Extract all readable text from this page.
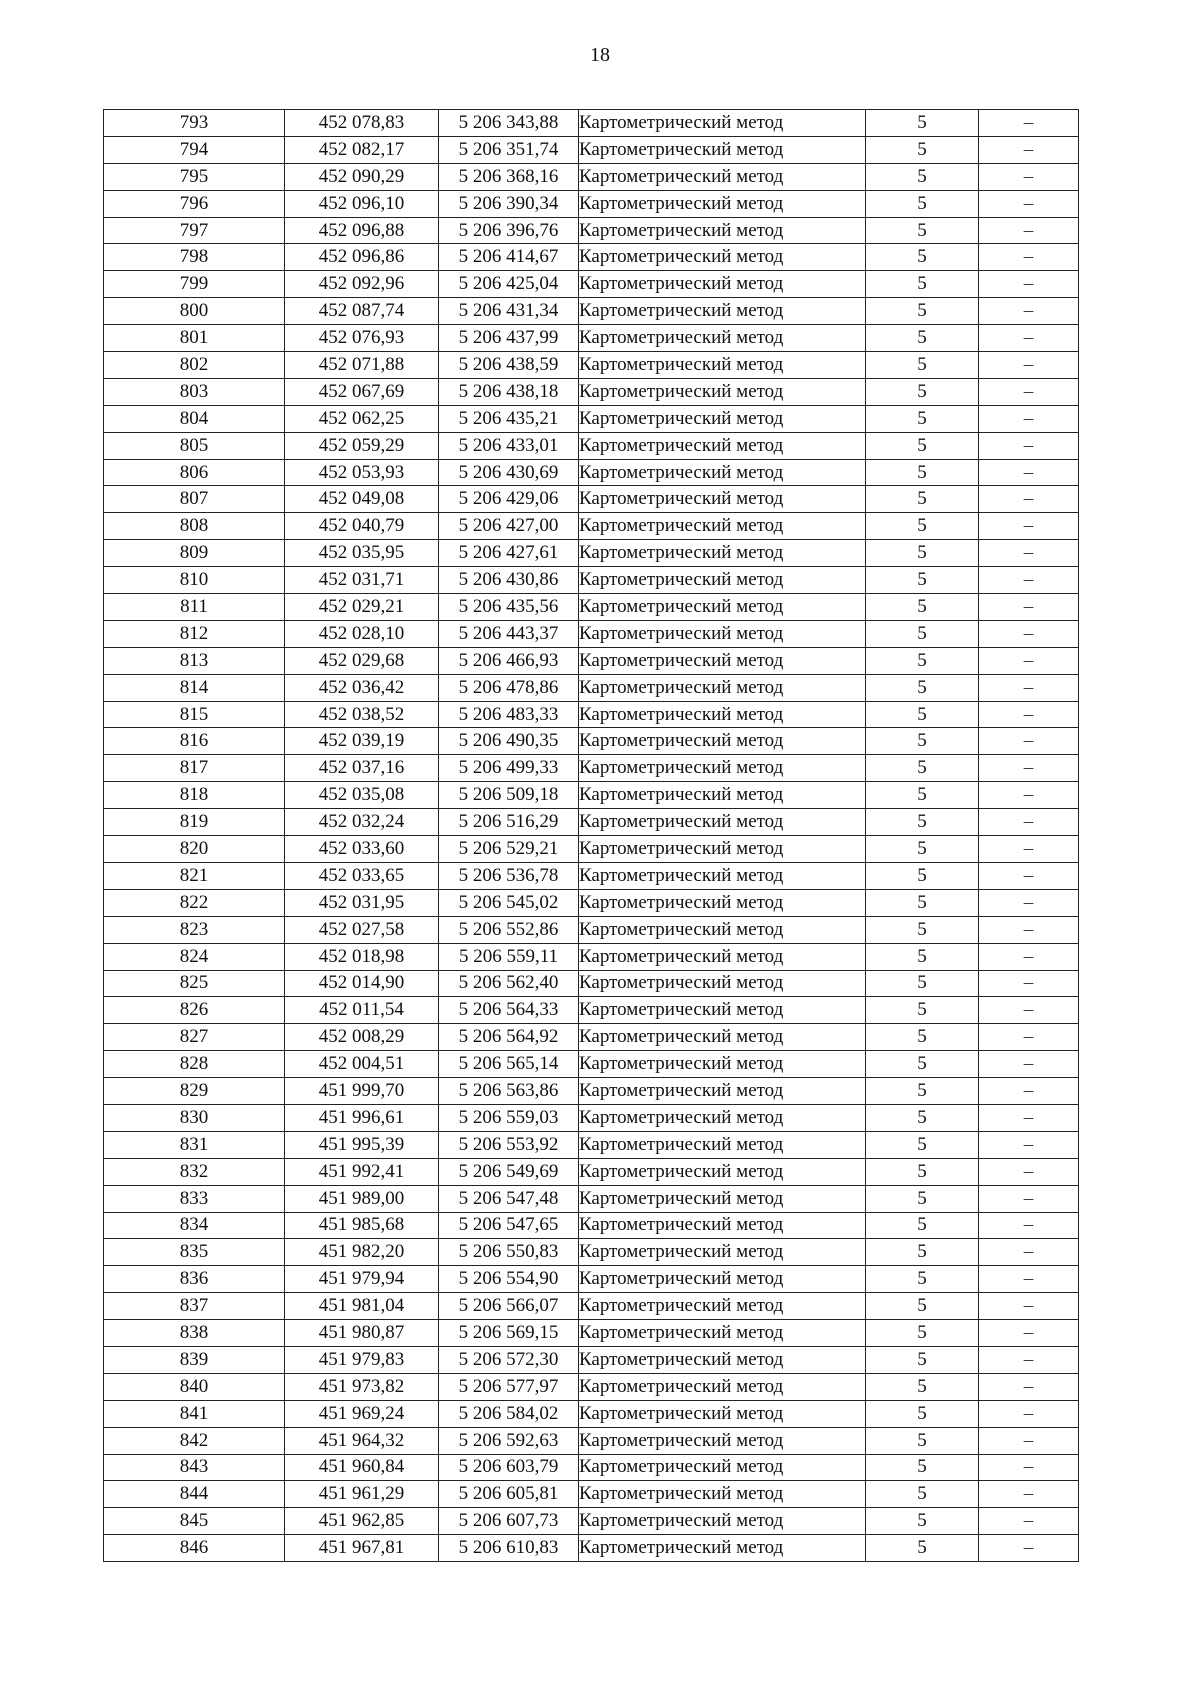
18
793	452 078,83	5 206 343,88	Картометрический метод	5	–
794	452 082,17	5 206 351,74	Картометрический метод	5	–
795	452 090,29	5 206 368,16	Картометрический метод	5	–
796	452 096,10	5 206 390,34	Картометрический метод	5	–
797	452 096,88	5 206 396,76	Картометрический метод	5	–
798	452 096,86	5 206 414,67	Картометрический метод	5	–
799	452 092,96	5 206 425,04	Картометрический метод	5	–
800	452 087,74	5 206 431,34	Картометрический метод	5	–
801	452 076,93	5 206 437,99	Картометрический метод	5	–
802	452 071,88	5 206 438,59	Картометрический метод	5	–
803	452 067,69	5 206 438,18	Картометрический метод	5	–
804	452 062,25	5 206 435,21	Картометрический метод	5	–
805	452 059,29	5 206 433,01	Картометрический метод	5	–
806	452 053,93	5 206 430,69	Картометрический метод	5	–
807	452 049,08	5 206 429,06	Картометрический метод	5	–
808	452 040,79	5 206 427,00	Картометрический метод	5	–
809	452 035,95	5 206 427,61	Картометрический метод	5	–
810	452 031,71	5 206 430,86	Картометрический метод	5	–
811	452 029,21	5 206 435,56	Картометрический метод	5	–
812	452 028,10	5 206 443,37	Картометрический метод	5	–
813	452 029,68	5 206 466,93	Картометрический метод	5	–
814	452 036,42	5 206 478,86	Картометрический метод	5	–
815	452 038,52	5 206 483,33	Картометрический метод	5	–
816	452 039,19	5 206 490,35	Картометрический метод	5	–
817	452 037,16	5 206 499,33	Картометрический метод	5	–
818	452 035,08	5 206 509,18	Картометрический метод	5	–
819	452 032,24	5 206 516,29	Картометрический метод	5	–
820	452 033,60	5 206 529,21	Картометрический метод	5	–
821	452 033,65	5 206 536,78	Картометрический метод	5	–
822	452 031,95	5 206 545,02	Картометрический метод	5	–
823	452 027,58	5 206 552,86	Картометрический метод	5	–
824	452 018,98	5 206 559,11	Картометрический метод	5	–
825	452 014,90	5 206 562,40	Картометрический метод	5	–
826	452 011,54	5 206 564,33	Картометрический метод	5	–
827	452 008,29	5 206 564,92	Картометрический метод	5	–
828	452 004,51	5 206 565,14	Картометрический метод	5	–
829	451 999,70	5 206 563,86	Картометрический метод	5	–
830	451 996,61	5 206 559,03	Картометрический метод	5	–
831	451 995,39	5 206 553,92	Картометрический метод	5	–
832	451 992,41	5 206 549,69	Картометрический метод	5	–
833	451 989,00	5 206 547,48	Картометрический метод	5	–
834	451 985,68	5 206 547,65	Картометрический метод	5	–
835	451 982,20	5 206 550,83	Картометрический метод	5	–
836	451 979,94	5 206 554,90	Картометрический метод	5	–
837	451 981,04	5 206 566,07	Картометрический метод	5	–
838	451 980,87	5 206 569,15	Картометрический метод	5	–
839	451 979,83	5 206 572,30	Картометрический метод	5	–
840	451 973,82	5 206 577,97	Картометрический метод	5	–
841	451 969,24	5 206 584,02	Картометрический метод	5	–
842	451 964,32	5 206 592,63	Картометрический метод	5	–
843	451 960,84	5 206 603,79	Картометрический метод	5	–
844	451 961,29	5 206 605,81	Картометрический метод	5	–
845	451 962,85	5 206 607,73	Картометрический метод	5	–
846	451 967,81	5 206 610,83	Картометрический метод	5	–
